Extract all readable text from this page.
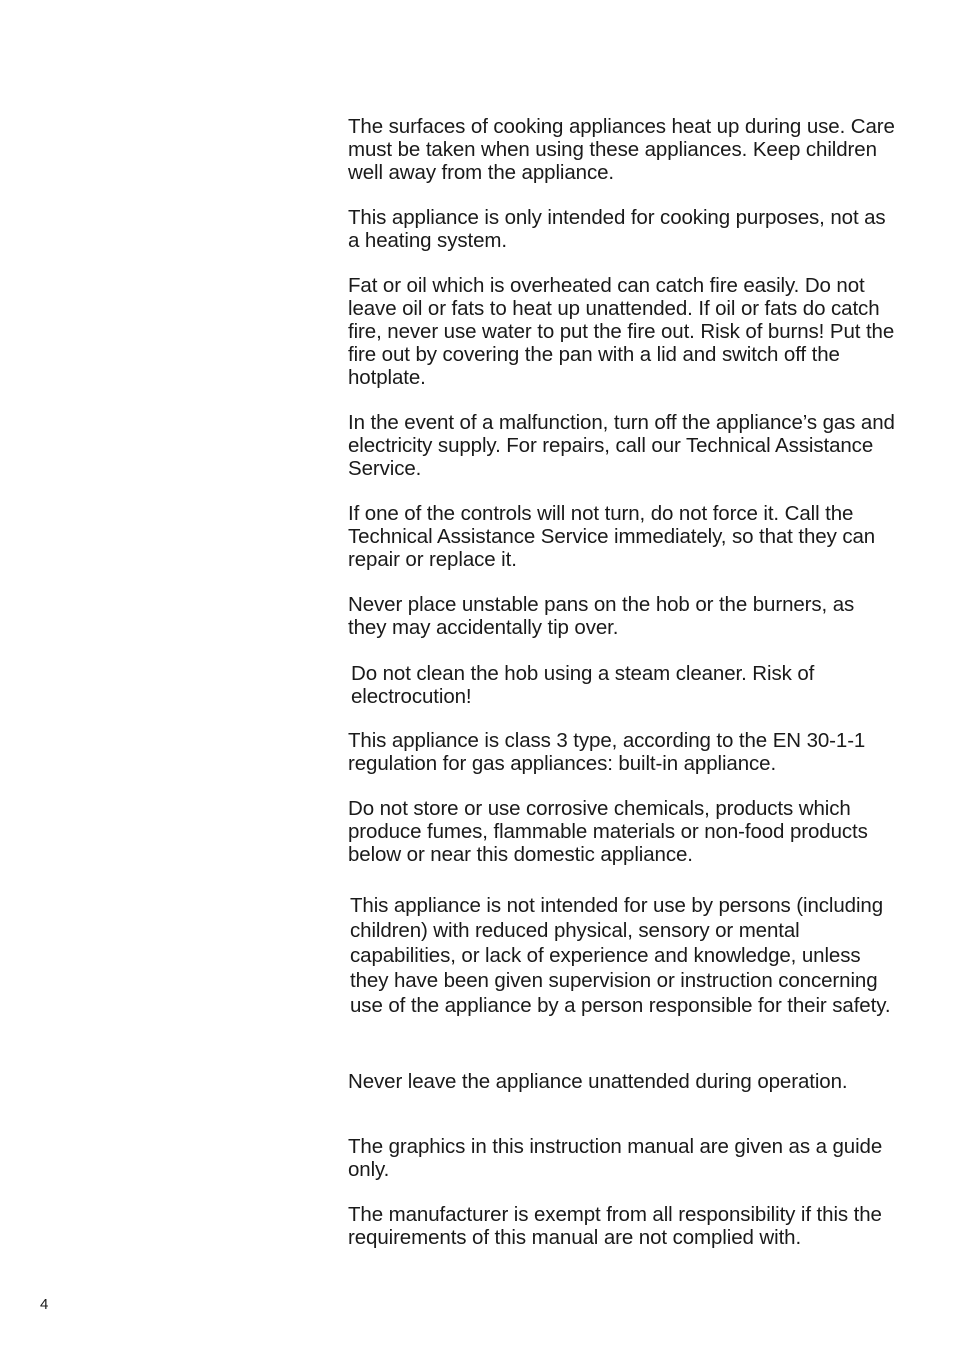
The surfaces of cooking appliances heat up during use. Care must be taken when using these appliances. Keep children well away from the appliance.

This appliance is only intended for cooking purposes, not as a heating system.

Fat or oil which is overheated can catch fire easily. Do not leave oil or fats to heat up unattended. If oil or fats do catch fire, never use water to put the fire out. Risk of burns! Put the fire out by covering the pan with a lid and switch off the hotplate.

In the event of a malfunction, turn off the appliance’s gas and electricity supply. For repairs, call our Technical Assistance Service.

If one of the controls will not turn, do not force it. Call the Technical Assistance Service immediately, so that they can repair or replace it.

Never place unstable pans on the hob or the burners, as they may accidentally tip over.

Do not clean the hob using a steam cleaner. Risk of electrocution!

This appliance is class 3 type, according to the EN 30-1-1 regulation for gas appliances: built-in appliance.

Do not store or use corrosive chemicals, products which produce fumes, flammable materials or non-food products below or near this domestic appliance.

This appliance is not intended for use by persons (including children) with reduced physical, sensory or mental capabilities, or lack of experience and knowledge, unless they have been given supervision or instruction concerning use of the appliance by a person responsible for their safety.

Never leave the appliance unattended during operation.

The graphics in this instruction manual are given as a guide only.

The manufacturer is exempt from all responsibility if this the requirements of this manual are not complied with.

4
